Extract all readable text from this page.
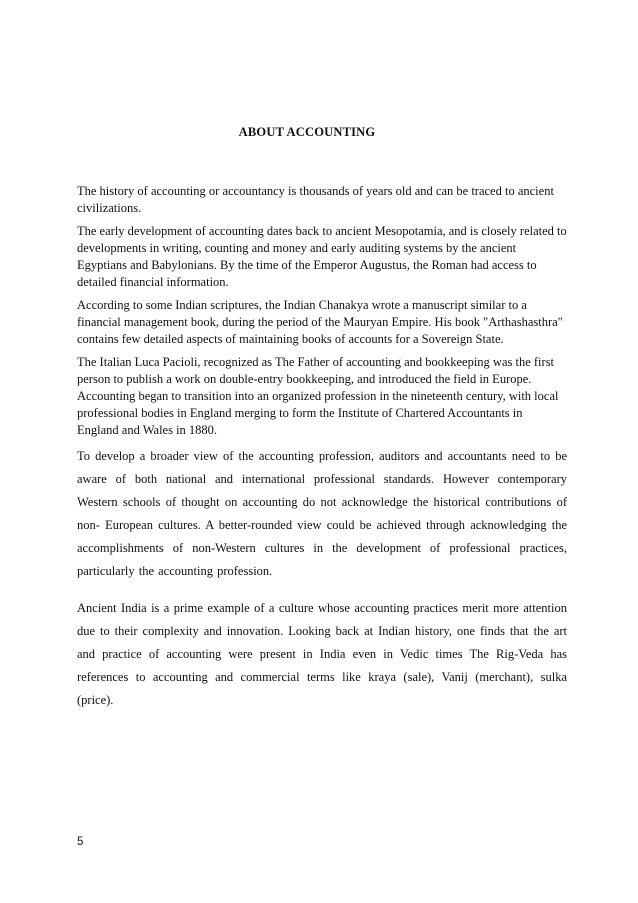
ABOUT ACCOUNTING

The history of accounting or accountancy is thousands of years old and can be traced to ancient civilizations.

The early development of accounting dates back to ancient Mesopotamia, and is closely related to developments in writing, counting and money and early auditing systems by the ancient Egyptians and Babylonians. By the time of the Emperor Augustus, the Roman had access to detailed financial information.

According to some Indian scriptures, the Indian Chanakya wrote a manuscript similar to a financial management book, during the period of the Mauryan Empire. His book "Arthashasthra" contains few detailed aspects of maintaining books of accounts for a Sovereign State.

The Italian Luca Pacioli, recognized as The Father of accounting and bookkeeping was the first person to publish a work on double-entry bookkeeping, and introduced the field in Europe. Accounting began to transition into an organized profession in the nineteenth century, with local professional bodies in England merging to form the Institute of Chartered Accountants in England and Wales in 1880.

To develop a broader view of the accounting profession, auditors and accountants need to be aware of both national and international professional standards. However contemporary Western schools of thought on accounting do not acknowledge the historical contributions of non- European cultures. A better-rounded view could be achieved through acknowledging the accomplishments of non-Western cultures in the development of professional practices, particularly the accounting profession.

Ancient India is a prime example of a culture whose accounting practices merit more attention due to their complexity and innovation. Looking back at Indian history, one finds that the art and practice of accounting were present in India even in Vedic times The Rig-Veda has references to accounting and commercial terms like kraya (sale), Vanij (merchant), sulka (price).

5
